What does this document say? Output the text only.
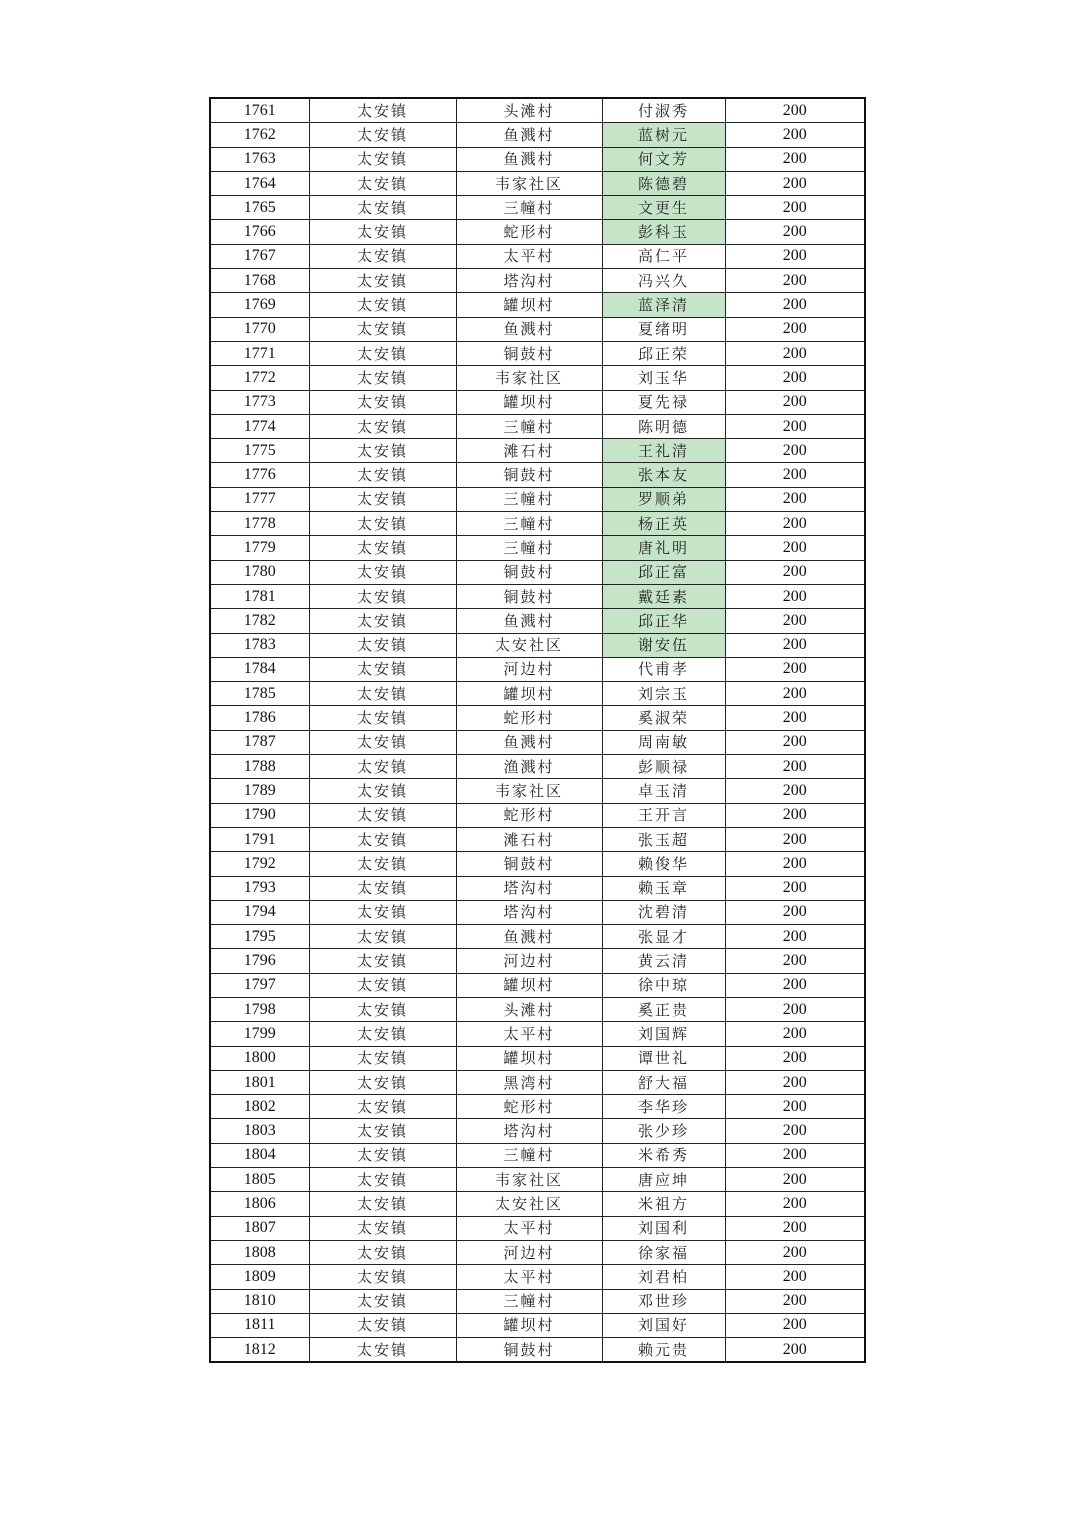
1761	太安镇	头滩村	付淑秀	200
1762	太安镇	鱼溅村	蓝树元	200
1763	太安镇	鱼溅村	何文芳	200
1764	太安镇	韦家社区	陈德碧	200
1765	太安镇	三幢村	文更生	200
1766	太安镇	蛇形村	彭科玉	200
1767	太安镇	太平村	高仁平	200
1768	太安镇	塔沟村	冯兴久	200
1769	太安镇	罐坝村	蓝泽清	200
1770	太安镇	鱼溅村	夏绪明	200
1771	太安镇	铜鼓村	邱正荣	200
1772	太安镇	韦家社区	刘玉华	200
1773	太安镇	罐坝村	夏先禄	200
1774	太安镇	三幢村	陈明德	200
1775	太安镇	滩石村	王礼清	200
1776	太安镇	铜鼓村	张本友	200
1777	太安镇	三幢村	罗顺弟	200
1778	太安镇	三幢村	杨正英	200
1779	太安镇	三幢村	唐礼明	200
1780	太安镇	铜鼓村	邱正富	200
1781	太安镇	铜鼓村	戴廷素	200
1782	太安镇	鱼溅村	邱正华	200
1783	太安镇	太安社区	谢安伍	200
1784	太安镇	河边村	代甫孝	200
1785	太安镇	罐坝村	刘宗玉	200
1786	太安镇	蛇形村	奚淑荣	200
1787	太安镇	鱼溅村	周南敏	200
1788	太安镇	渔溅村	彭顺禄	200
1789	太安镇	韦家社区	卓玉清	200
1790	太安镇	蛇形村	王开言	200
1791	太安镇	滩石村	张玉超	200
1792	太安镇	铜鼓村	赖俊华	200
1793	太安镇	塔沟村	赖玉章	200
1794	太安镇	塔沟村	沈碧清	200
1795	太安镇	鱼溅村	张显才	200
1796	太安镇	河边村	黄云清	200
1797	太安镇	罐坝村	徐中琼	200
1798	太安镇	头滩村	奚正贵	200
1799	太安镇	太平村	刘国辉	200
1800	太安镇	罐坝村	谭世礼	200
1801	太安镇	黑湾村	舒大福	200
1802	太安镇	蛇形村	李华珍	200
1803	太安镇	塔沟村	张少珍	200
1804	太安镇	三幢村	米希秀	200
1805	太安镇	韦家社区	唐应坤	200
1806	太安镇	太安社区	米祖方	200
1807	太安镇	太平村	刘国利	200
1808	太安镇	河边村	徐家福	200
1809	太安镇	太平村	刘君柏	200
1810	太安镇	三幢村	邓世珍	200
1811	太安镇	罐坝村	刘国好	200
1812	太安镇	铜鼓村	赖元贵	200
